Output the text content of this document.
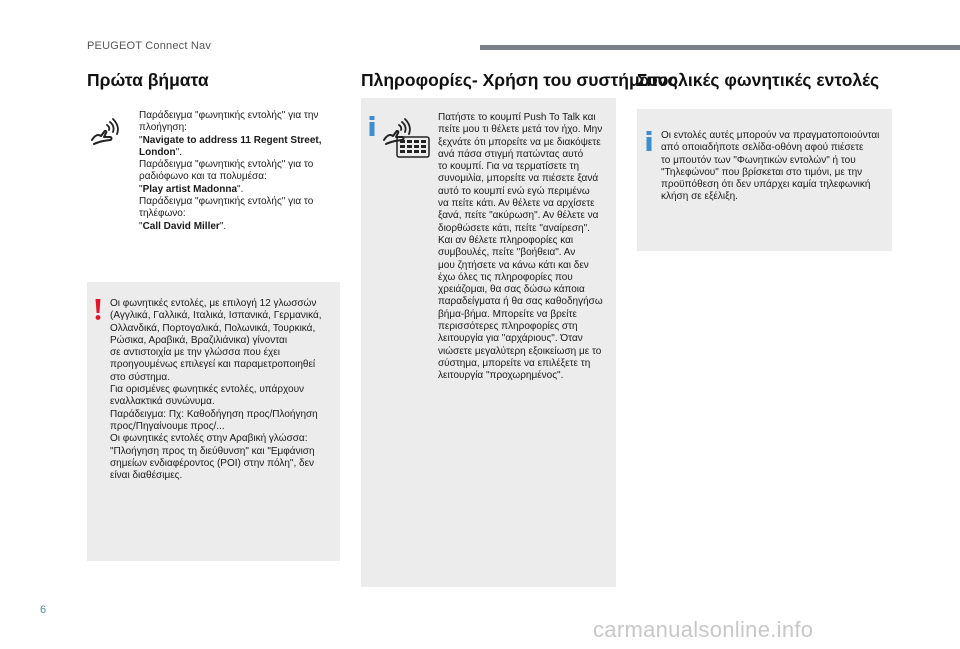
PEUGEOT Connect Nav
Πρώτα βήματα
Παράδειγμα "φωνητικής εντολής" για την πλοήγηση:
"Navigate to address 11 Regent Street, London".
Παράδειγμα "φωνητικής εντολής" για το ραδιόφωνο και τα πολυμέσα:
"Play artist Madonna".
Παράδειγμα "φωνητικής εντολής" για το τηλέφωνο:
"Call David Miller".
Οι φωνητικές εντολές, με επιλογή 12 γλωσσών
(Αγγλικά, Γαλλικά, Ιταλικά, Ισπανικά, Γερμανικά,
Ολλανδικά, Πορτογαλικά, Πολωνικά, Τουρκικά,
Ρώσικα, Αραβικά, Βραζιλιάνικα) γίνονται
σε αντιστοιχία με την γλώσσα που έχει
προηγουμένως επιλεγεί και παραμετροποιηθεί
στο σύστημα.
Για ορισμένες φωνητικές εντολές, υπάρχουν
εναλλακτικά συνώνυμα.
Παράδειγμα: Πχ: Καθοδήγηση προς/Πλοήγηση
προς/Πηγαίνουμε προς/...
Οι φωνητικές εντολές στην Αραβική γλώσσα:
"Πλοήγηση προς τη διεύθυνση" και "Εμφάνιση
σημείων ενδιαφέροντος (POI) στην πόλη", δεν
είναι διαθέσιμες.
Πληροφορίες- Χρήση του συστήματος
Πατήστε το κουμπί Push To Talk και
πείτε μου τι θέλετε μετά τον ήχο. Μην
ξεχνάτε ότι μπορείτε να με διακόψετε
ανά πάσα στιγμή πατώντας αυτό
το κουμπί. Για να τερματίσετε τη
συνομιλία, μπορείτε να πιέσετε ξανά
αυτό το κουμπί ενώ εγώ περιμένω
να πείτε κάτι. Αν θέλετε να αρχίσετε
ξανά, πείτε "ακύρωση". Αν θέλετε να
διορθώσετε κάτι, πείτε "αναίρεση".
Και αν θέλετε πληροφορίες και
συμβουλές, πείτε "βοήθεια". Αν
μου ζητήσετε να κάνω κάτι και δεν
έχω όλες τις πληροφορίες που
χρειάζομαι, θα σας δώσω κάποια
παραδείγματα ή θα σας καθοδηγήσω
βήμα-βήμα. Μπορείτε να βρείτε
περισσότερες πληροφορίες στη
λειτουργία για "αρχάριους". Όταν
νιώσετε μεγαλύτερη εξοικείωση με το
σύστημα, μπορείτε να επιλέξετε τη
λειτουργία "προχωρημένος".
Συνολικές φωνητικές εντολές
Οι εντολές αυτές μπορούν να πραγματοποιούνται
από οποιαδήποτε σελίδα-οθόνη αφού πιέσετε
το μπουτόν των "Φωνητικών εντολών" ή του
"Τηλεφώνου" που βρίσκεται στο τιμόνι, με την
προϋπόθεση ότι δεν υπάρχει καμία τηλεφωνική
κλήση σε εξέλιξη.
6
carmanualsonline.info
